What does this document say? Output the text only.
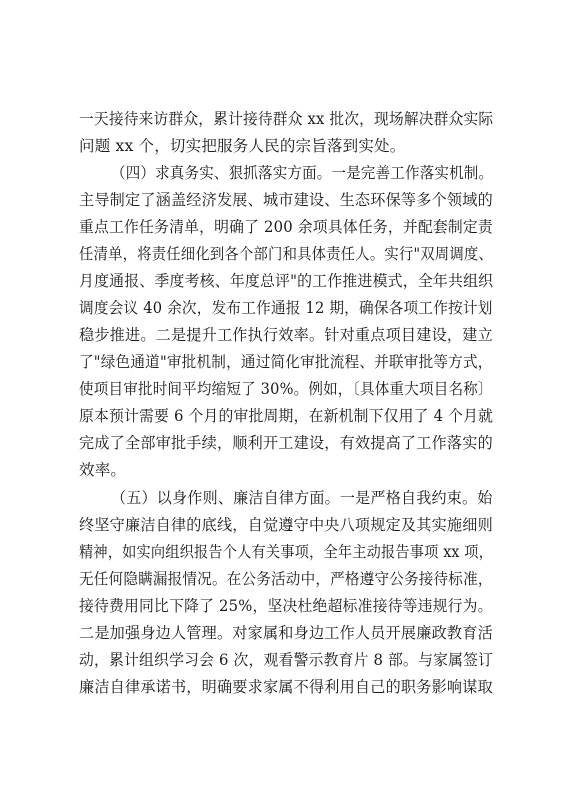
一天接待来访群众，累计接待群众 xx 批次，现场解决群众实际
问题 xx 个，切实把服务人民的宗旨落到实处。
（四）求真务实、狠抓落实方面。一是完善工作落实机制。
主导制定了涵盖经济发展、城市建设、生态环保等多个领域的
重点工作任务清单，明确了 200 余项具体任务，并配套制定责
任清单，将责任细化到各个部门和具体责任人。实行"双周调度、
月度通报、季度考核、年度总评"的工作推进模式，全年共组织
调度会议 40 余次，发布工作通报 12 期，确保各项工作按计划
稳步推进。二是提升工作执行效率。针对重点项目建设，建立
了"绿色通道"审批机制，通过简化审批流程、并联审批等方式，
使项目审批时间平均缩短了 30%。例如，〔具体重大项目名称〕
原本预计需要 6 个月的审批周期，在新机制下仅用了 4 个月就
完成了全部审批手续，顺利开工建设，有效提高了工作落实的
效率。
（五）以身作则、廉洁自律方面。一是严格自我约束。始
终坚守廉洁自律的底线，自觉遵守中央八项规定及其实施细则
精神，如实向组织报告个人有关事项，全年主动报告事项 xx 项，
无任何隐瞒漏报情况。在公务活动中，严格遵守公务接待标准，
接待费用同比下降了 25%，坚决杜绝超标准接待等违规行为。
二是加强身边人管理。对家属和身边工作人员开展廉政教育活
动，累计组织学习会 6 次，观看警示教育片 8 部。与家属签订
廉洁自律承诺书，明确要求家属不得利用自己的职务影响谋取
